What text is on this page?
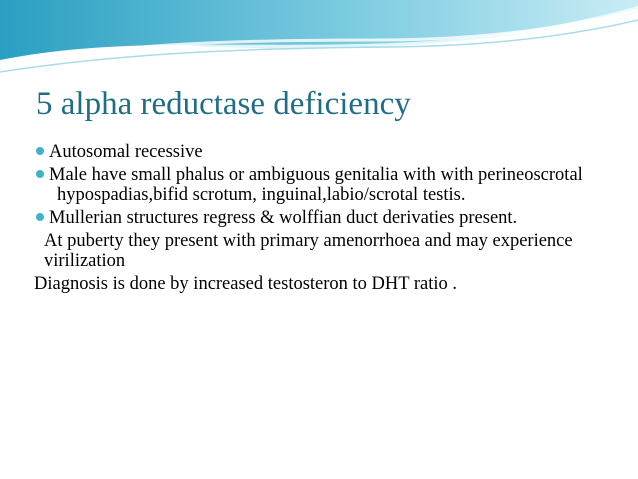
5 alpha reductase deficiency
Autosomal recessive
Male have small phalus or ambiguous genitalia with with perineoscrotal hypospadias,bifid scrotum, inguinal,labio/scrotal testis.
Mullerian structures regress & wolffian duct derivaties present.
At puberty they present with primary amenorrhoea and may experience virilization
Diagnosis is done by increased testosteron to DHT ratio .
